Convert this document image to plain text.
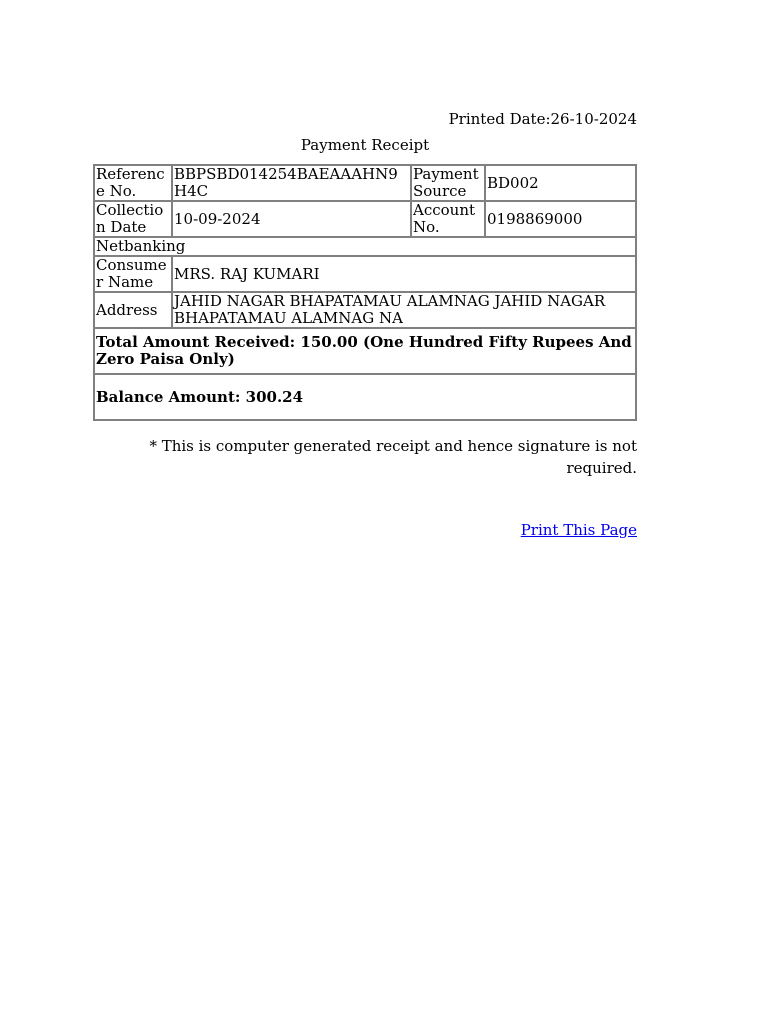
Printed Date:26-10-2024
Payment Receipt
Reference No.	BBPSBD014254BAEAAAHN9H4C	Payment Source	BD002
Collection Date	10-09-2024	Account No.	0198869000
Netbanking			
Consumer Name	MRS. RAJ KUMARI		
Address	JAHID NAGAR BHAPATAMAU ALAMNAG JAHID NAGAR BHAPATAMAU ALAMNAG NA		
Total Amount Received: 150.00 (One Hundred Fifty Rupees And Zero Paisa Only)			
Balance Amount: 300.24			
* This is computer generated receipt and hence signature is not required.
Print This Page
